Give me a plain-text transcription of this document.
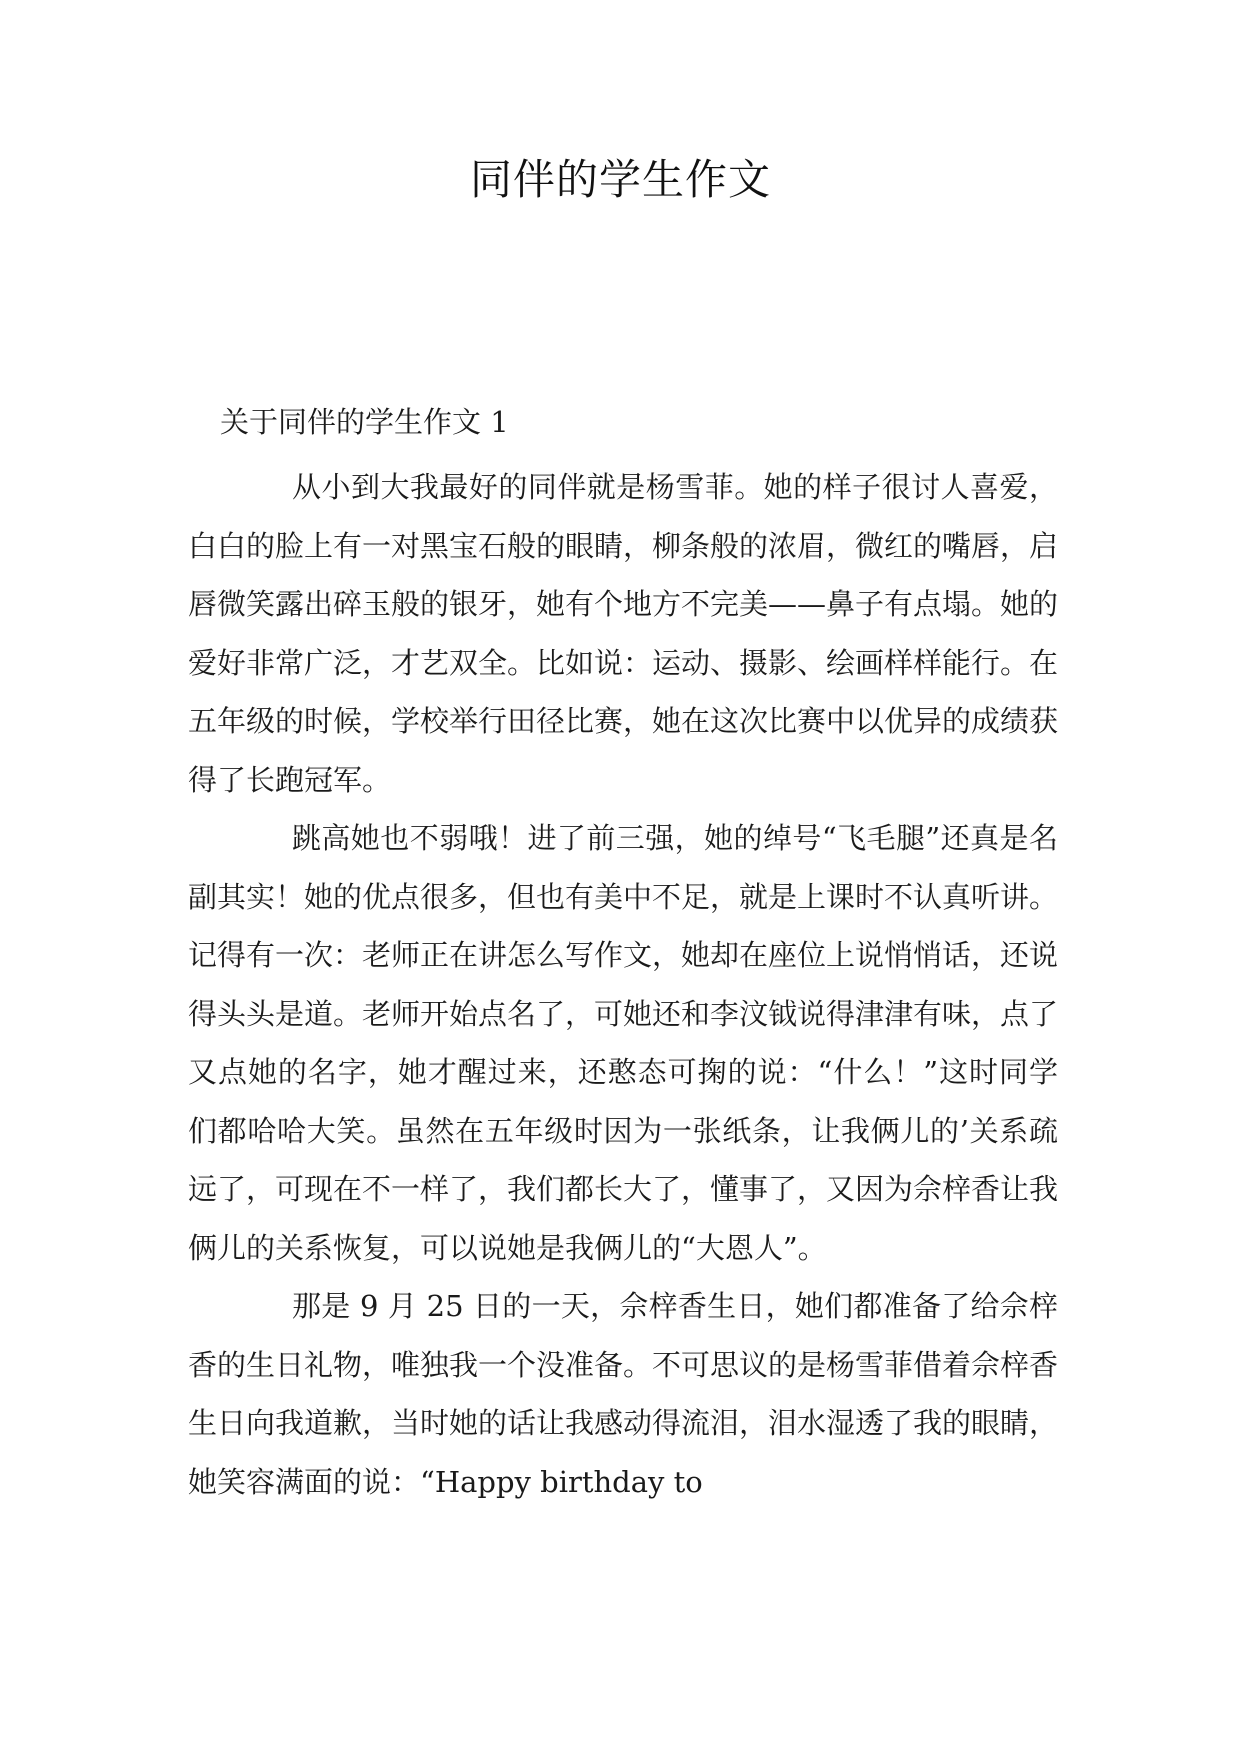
同伴的学生作文
关于同伴的学生作文 1

从小到大我最好的同伴就是杨雪菲。她的样子很讨人喜爱，白白的脸上有一对黑宝石般的眼睛，柳条般的浓眉，微红的嘴唇，启唇微笑露出碎玉般的银牙，她有个地方不完美——鼻子有点塌。她的爱好非常广泛，才艺双全。比如说：运动、摄影、绘画样样能行。在五年级的时候，学校举行田径比赛，她在这次比赛中以优异的成绩获得了长跑冠军。

跳高她也不弱哦！进了前三强，她的绰号“飞毛腿”还真是名副其实！她的优点很多，但也有美中不足，就是上课时不认真听讲。记得有一次：老师正在讲怎么写作文，她却在座位上说悄悄话，还说得头头是道。老师开始点名了，可她还和李汶钺说得津津有味，点了又点她的名字，她才醒过来，还憨态可掬的说：“什么！”这时同学们都哈哈大笑。虽然在五年级时因为一张纸条，让我俩儿的’关系疏远了，可现在不一样了，我们都长大了，懂事了，又因为佘梓香让我俩儿的关系恢复，可以说她是我俩儿的“大恩人”。

那是 9 月 25 日的一天，佘梓香生日，她们都准备了给佘梓香的生日礼物，唯独我一个没准备。不可思议的是杨雪菲借着佘梓香生日向我道歉，当时她的话让我感动得流泪，泪水湿透了我的眼睛，她笑容满面的说：“Happy birthday to
